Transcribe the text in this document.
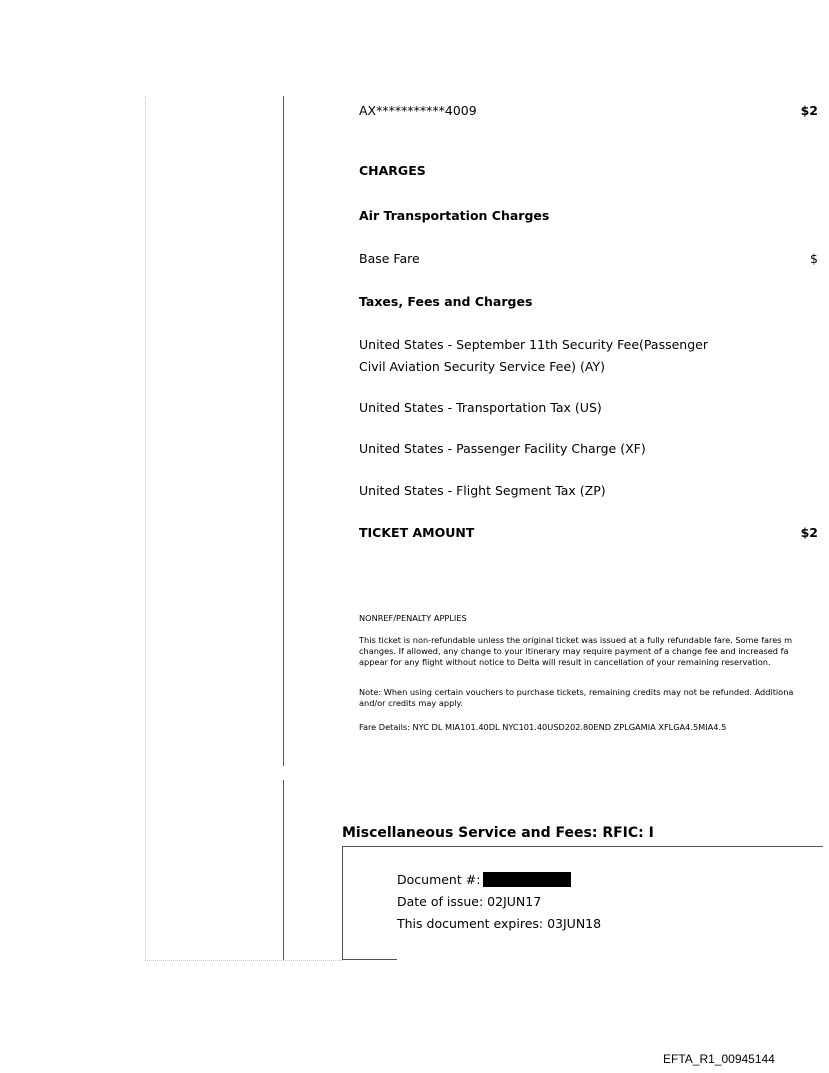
AX***********4009	$2
CHARGES
Air Transportation Charges
Base Fare	$
Taxes, Fees and Charges
United States - September 11th Security Fee(Passenger
Civil Aviation Security Service Fee) (AY)
United States - Transportation Tax (US)
United States - Passenger Facility Charge (XF)
United States - Flight Segment Tax (ZP)
TICKET AMOUNT	$2
NONREF/PENALTY APPLIES
This ticket is non-refundable unless the original ticket was issued at a fully refundable fare. Some fares m
changes. If allowed, any change to your itinerary may require payment of a change fee and increased fa
appear for any flight without notice to Delta will result in cancellation of your remaining reservation.
Note: When using certain vouchers to purchase tickets, remaining credits may not be refunded. Additiona
and/or credits may apply.
Fare Details: NYC DL MIA101.40DL NYC101.40USD202.80END ZPLGAMIA XFLGA4.5MIA4.5
Miscellaneous Service and Fees: RFIC: I
Document #:
Date of issue: 02JUN17
This document expires: 03JUN18
EFTA_R1_00945144
